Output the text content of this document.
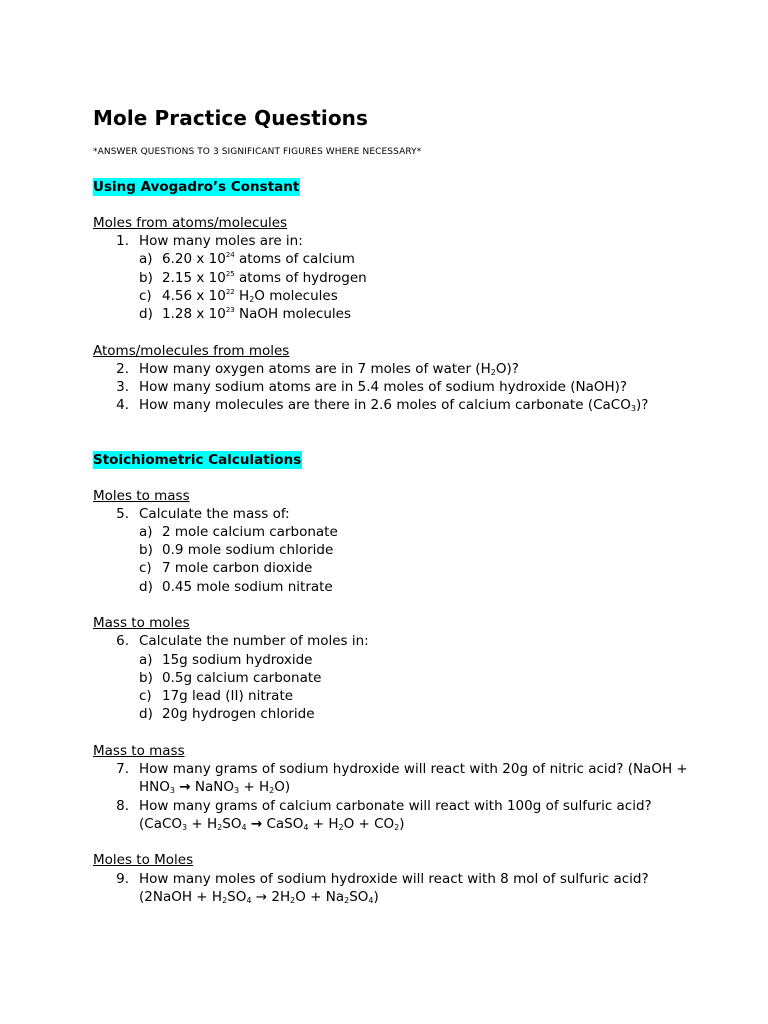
Mole Practice Questions
*ANSWER QUESTIONS TO 3 SIGNIFICANT FIGURES WHERE NECESSARY*
Using Avogadro’s Constant
Moles from atoms/molecules
1. How many moles are in:
a) 6.20 x $10^{24}$ atoms of calcium
b) 2.15 x $10^{25}$ atoms of hydrogen
c) 4.56 x $10^{22}$ $H_2O$ molecules
d) 1.28 x $10^{23}$ NaOH molecules
Atoms/molecules from moles
2. How many oxygen atoms are in 7 moles of water $(H_2O)$?
3. How many sodium atoms are in 5.4 moles of sodium hydroxide (NaOH)?
4. How many molecules are there in 2.6 moles of calcium carbonate (CaCO$_3$)?
Stoichiometric Calculations
Moles to mass
5. Calculate the mass of:
a) 2 mole calcium carbonate
b) 0.9 mole sodium chloride
c) 7 mole carbon dioxide
d) 0.45 mole sodium nitrate
Mass to moles
6. Calculate the number of moles in:
a) 15g sodium hydroxide
b) 0.5g calcium carbonate
c) 17g lead (II) nitrate
d) 20g hydrogen chloride
Mass to mass
7. How many grams of sodium hydroxide will react with 20g of nitric acid? (NaOH +
$HNO_3$ → NaNO$_3$ + $H_2O$)
8. How many grams of calcium carbonate will react with 100g of sulfuric acid?
(CaCO$_3$ + $H_2SO_4$ → CaSO$_4$ + $H_2O + CO_2$)
Moles to Moles
9. How many moles of sodium hydroxide will react with 8 mol of sulfuric acid?
(2NaOH + $H_2SO_4 \to 2H_2O + Na_2SO_4$)
